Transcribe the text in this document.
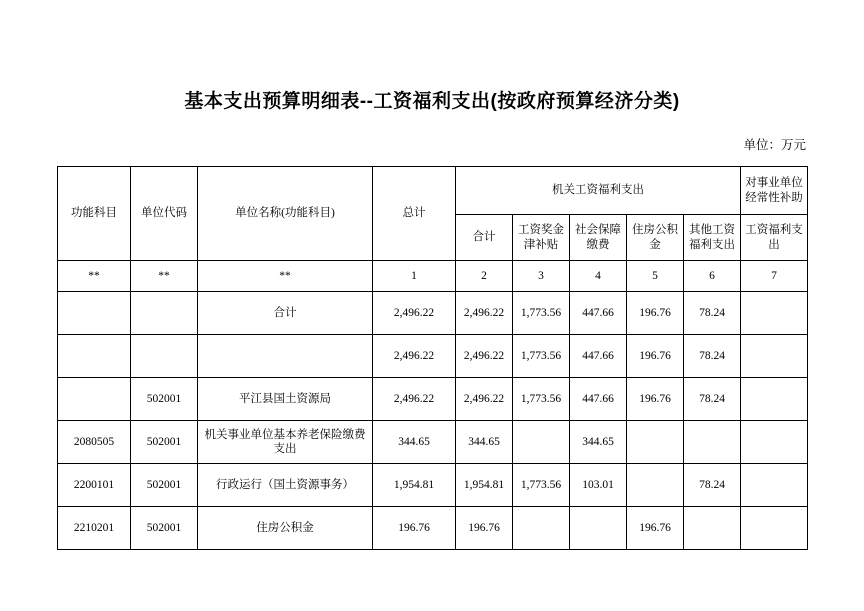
基本支出预算明细表--工资福利支出(按政府预算经济分类)
单位：万元
功能科目	单位代码	单位名称(功能科目)	总计	机关工资福利支出					对事业单位经常性补助
				合计	工资奖金津补贴	社会保障缴费	住房公积金	其他工资福利支出	工资福利支出
**	**	**	1	2	3	4	5	6	7
		合计	2,496.22	2,496.22	1,773.56	447.66	196.76	78.24	
			2,496.22	2,496.22	1,773.56	447.66	196.76	78.24	
	502001	平江县国土资源局	2,496.22	2,496.22	1,773.56	447.66	196.76	78.24	
2080505	502001	机关事业单位基本养老保险缴费支出	344.65	344.65		344.65			
2200101	502001	行政运行（国土资源事务）	1,954.81	1,954.81	1,773.56	103.01		78.24	
2210201	502001	住房公积金	196.76	196.76			196.76		
